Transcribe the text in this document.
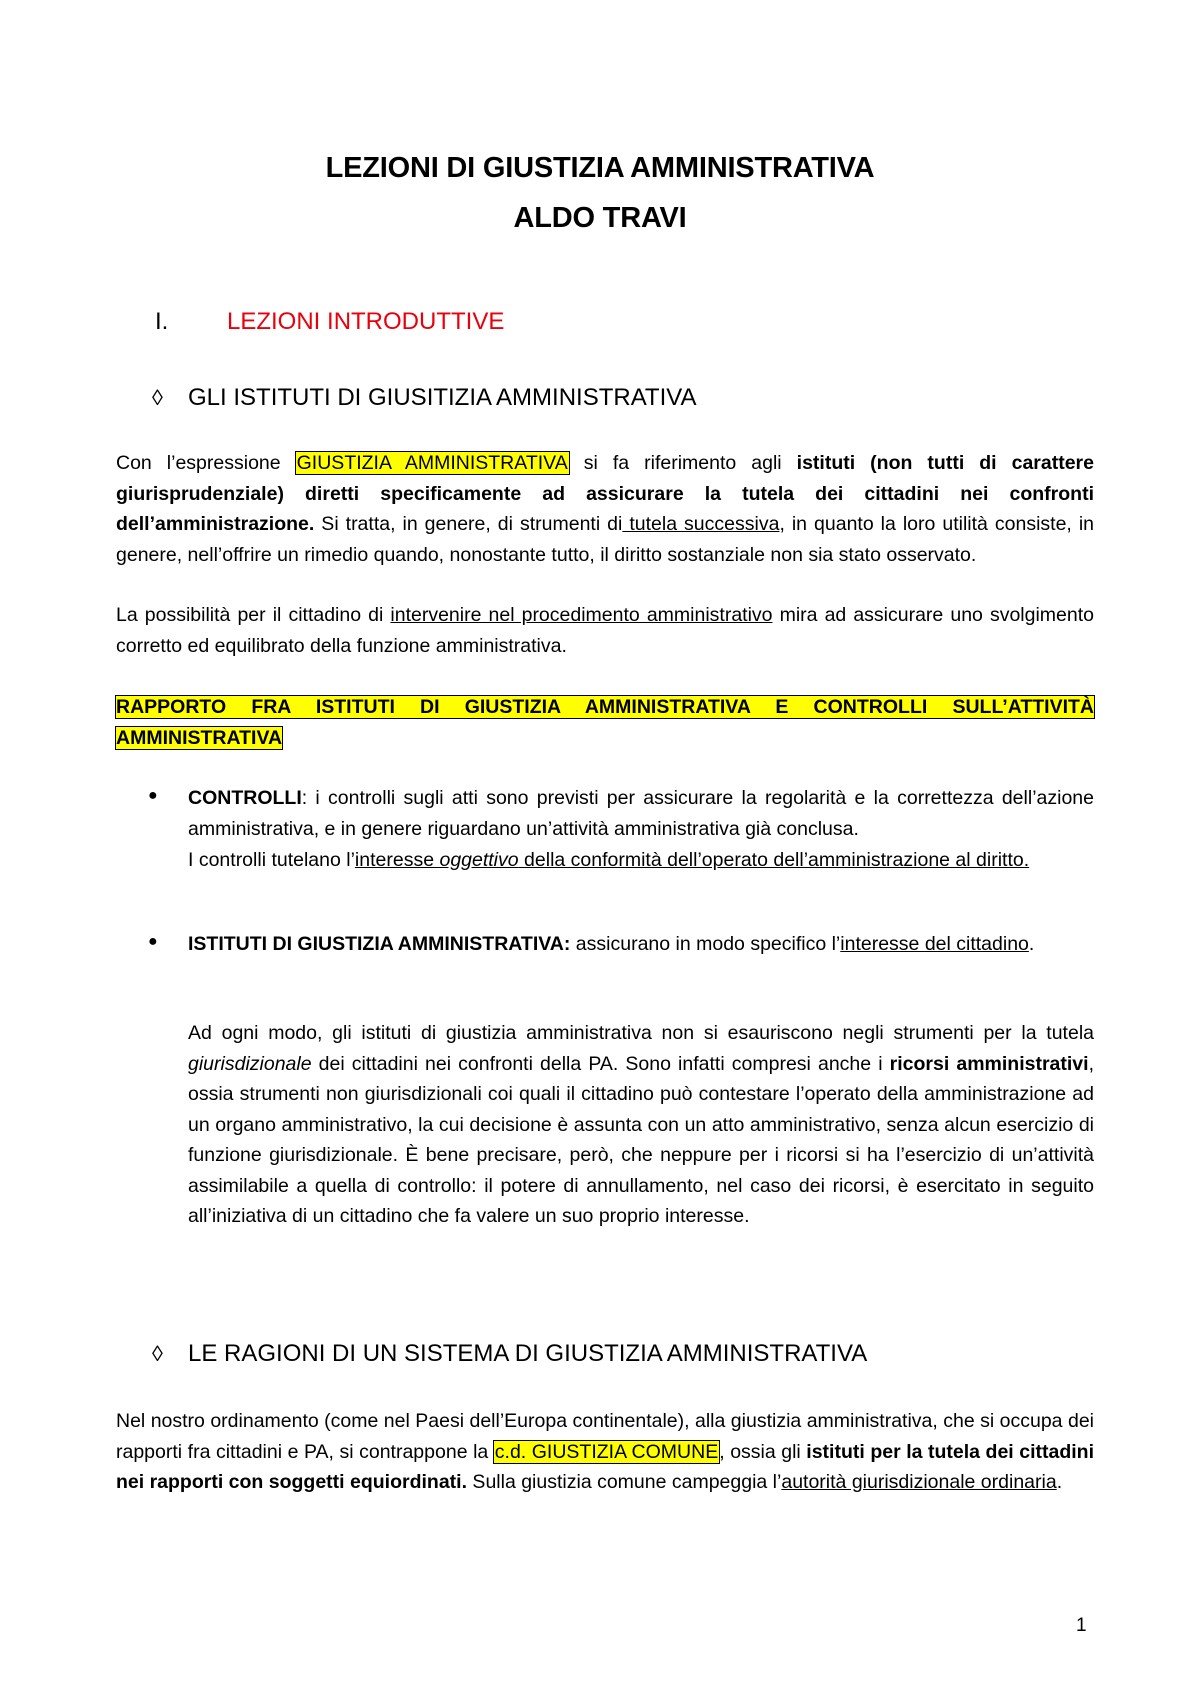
LEZIONI DI GIUSTIZIA AMMINISTRATIVA
ALDO TRAVI
I. LEZIONI INTRODUTTIVE
◊ GLI ISTITUTI DI GIUSITIZIA AMMINISTRATIVA
Con l’espressione GIUSTIZIA AMMINISTRATIVA si fa riferimento agli istituti (non tutti di carattere giurisprudenziale) diretti specificamente ad assicurare la tutela dei cittadini nei confronti dell’amministrazione. Si tratta, in genere, di strumenti di tutela successiva, in quanto la loro utilità consiste, in genere, nell’offrire un rimedio quando, nonostante tutto, il diritto sostanziale non sia stato osservato.
La possibilità per il cittadino di intervenire nel procedimento amministrativo mira ad assicurare uno svolgimento corretto ed equilibrato della funzione amministrativa.
RAPPORTO FRA ISTITUTI DI GIUSTIZIA AMMINISTRATIVA E CONTROLLI SULL’ATTIVITÀ AMMINISTRATIVA
● CONTROLLI: i controlli sugli atti sono previsti per assicurare la regolarità e la correttezza dell’azione amministrativa, e in genere riguardano un’attività amministrativa già conclusa.
I controlli tutelano l’interesse oggettivo della conformità dell’operato dell’amministrazione al diritto.
● ISTITUTI DI GIUSTIZIA AMMINISTRATIVA: assicurano in modo specifico l’interesse del cittadino.
Ad ogni modo, gli istituti di giustizia amministrativa non si esauriscono negli strumenti per la tutela giurisdizionale dei cittadini nei confronti della PA. Sono infatti compresi anche i ricorsi amministrativi, ossia strumenti non giurisdizionali coi quali il cittadino può contestare l’operato della amministrazione ad un organo amministrativo, la cui decisione è assunta con un atto amministrativo, senza alcun esercizio di funzione giurisdizionale. È bene precisare, però, che neppure per i ricorsi si ha l’esercizio di un’attività assimilabile a quella di controllo: il potere di annullamento, nel caso dei ricorsi, è esercitato in seguito all’iniziativa di un cittadino che fa valere un suo proprio interesse.
◊ LE RAGIONI DI UN SISTEMA DI GIUSTIZIA AMMINISTRATIVA
Nel nostro ordinamento (come nel Paesi dell’Europa continentale), alla giustizia amministrativa, che si occupa dei rapporti fra cittadini e PA, si contrappone la c.d. GIUSTIZIA COMUNE, ossia gli istituti per la tutela dei cittadini nei rapporti con soggetti equiordinati. Sulla giustizia comune campeggia l’autorità giurisdizionale ordinaria.
1
